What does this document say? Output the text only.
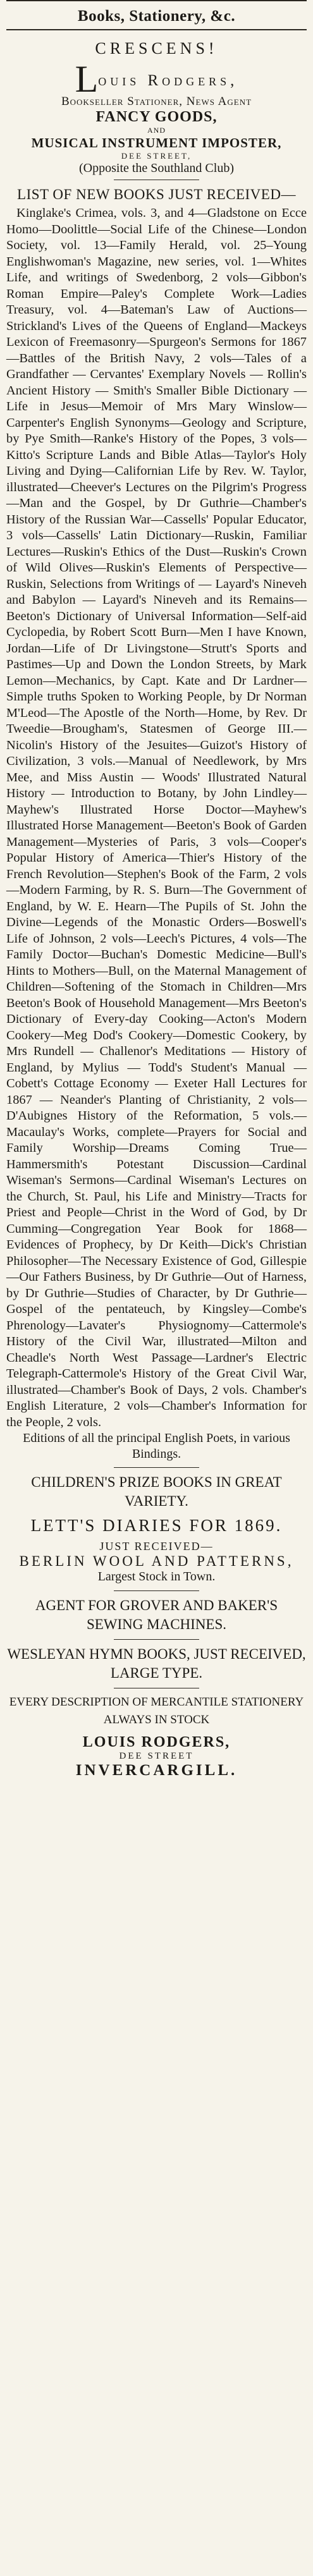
Books, Stationery, &c.
CRESCENS!
Louis Rodgers,
Bookseller Stationer, News Agent
FANCY GOODS,
AND
MUSICAL INSTRUMENT IMPOSTER,
DEE STREET,
(Opposite the Southland Club)
LIST OF NEW BOOKS JUST RECEIVED—

Kinglake's Crimea, vols. 3, and 4—Gladstone on Ecce Homo—Doolittle—Social Life of the Chinese—London Society, vol. 13—Family Herald, vol. 25–Young Englishwoman's Magazine, new series, vol. 1—Whites Life, and writings of Swedenborg, 2 vols—Gibbon's Roman Empire—Paley's Complete Work—Ladies Treasury, vol. 4—Bateman's Law of Auctions—Strickland's Lives of the Queens of England—Mackeys Lexicon of Freemasonry—Spurgeon's Sermons for 1867—Battles of the British Navy, 2 vols—Tales of a Grandfather — Cervantes' Exemplary Novels — Rollin's Ancient History — Smith's Smaller Bible Dictionary — Life in Jesus—Memoir of Mrs Mary Winslow—Carpenter's English Synonyms—Geology and Scripture, by Pye Smith—Ranke's History of the Popes, 3 vols—Kitto's Scripture Lands and Bible Atlas—Taylor's Holy Living and Dying—Californian Life by Rev. W. Taylor, illustrated—Cheever's Lectures on the Pilgrim's Progress—Man and the Gospel, by Dr Guthrie—Chamber's History of the Russian War—Cassells' Popular Educator, 3 vols—Cassells' Latin Dictionary—Ruskin, Familiar Lectures—Ruskin's Ethics of the Dust—Ruskin's Crown of Wild Olives—Ruskin's Elements of Perspective—Ruskin, Selections from Writings of — Layard's Nineveh and Babylon — Layard's Nineveh and its Remains—Beeton's Dictionary of Universal Information—Self-aid Cyclopedia, by Robert Scott Burn—Men I have Known, Jordan—Life of Dr Livingstone—Strutt's Sports and Pastimes—Up and Down the London Streets, by Mark Lemon—Mechanics, by Capt. Kate and Dr Lardner—Simple truths Spoken to Working People, by Dr Norman M'Leod—The Apostle of the North—Home, by Rev. Dr Tweedie—Brougham's, Statesmen of George III.—Nicolin's History of the Jesuites—Guizot's History of Civilization, 3 vols.—Manual of Needlework, by Mrs Mee, and Miss Austin — Woods' Illustrated Natural History — Introduction to Botany, by John Lindley—Mayhew's Illustrated Horse Doctor—Mayhew's Illustrated Horse Management—Beeton's Book of Garden Management—Mysteries of Paris, 3 vols—Cooper's Popular History of America—Thier's History of the French Revolution—Stephen's Book of the Farm, 2 vols—Modern Farming, by R. S. Burn—The Government of England, by W. E. Hearn—The Pupils of St. John the Divine—Legends of the Monastic Orders—Boswell's Life of Johnson, 2 vols—Leech's Pictures, 4 vols—The Family Doctor—Buchan's Domestic Medicine—Bull's Hints to Mothers—Bull, on the Maternal Management of Children—Softening of the Stomach in Children—Mrs Beeton's Book of Household Management—Mrs Beeton's Dictionary of Every-day Cooking—Acton's Modern Cookery—Meg Dod's Cookery—Domestic Cookery, by Mrs Rundell — Challenor's Meditations — History of England, by Mylius — Todd's Student's Manual — Cobett's Cottage Economy — Exeter Hall Lectures for 1867 — Neander's Planting of Christianity, 2 vols—D'Aubignes History of the Reformation, 5 vols.—Macaulay's Works, complete—Prayers for Social and Family Worship—Dreams Coming True—Hammersmith's Potestant Discussion—Cardinal Wiseman's Sermons—Cardinal Wiseman's Lectures on the Church, St. Paul, his Life and Ministry—Tracts for Priest and People—Christ in the Word of God, by Dr Cumming—Congregation Year Book for 1868—Evidences of Prophecy, by Dr Keith—Dick's Christian Philosopher—The Necessary Existence of God, Gillespie—Our Fathers Business, by Dr Guthrie—Out of Harness, by Dr Guthrie—Studies of Character, by Dr Guthrie—Gospel of the pentateuch, by Kingsley—Combe's Phrenology—Lavater's Physiognomy—Cattermole's History of the Civil War, illustrated—Milton and Cheadle's North West Passage—Lardner's Electric Telegraph-Cattermole's History of the Great Civil War, illustrated—Chamber's Book of Days, 2 vols. Chamber's English Literature, 2 vols—Chamber's Information for the People, 2 vols.

Editions of all the principal English Poets, in various Bindings.
CHILDREN'S PRIZE BOOKS IN GREAT VARIETY.
LETT'S DIARIES FOR 1869.
JUST RECEIVED—
BERLIN WOOL AND PATTERNS,
Largest Stock in Town.
AGENT FOR GROVER AND BAKER'S SEWING MACHINES.
WESLEYAN HYMN BOOKS, JUST RECEIVED, LARGE TYPE.
EVERY DESCRIPTION OF MERCANTILE STATIONERY ALWAYS IN STOCK
LOUIS RODGERS,
DEE STREET
INVERCARGILL.
